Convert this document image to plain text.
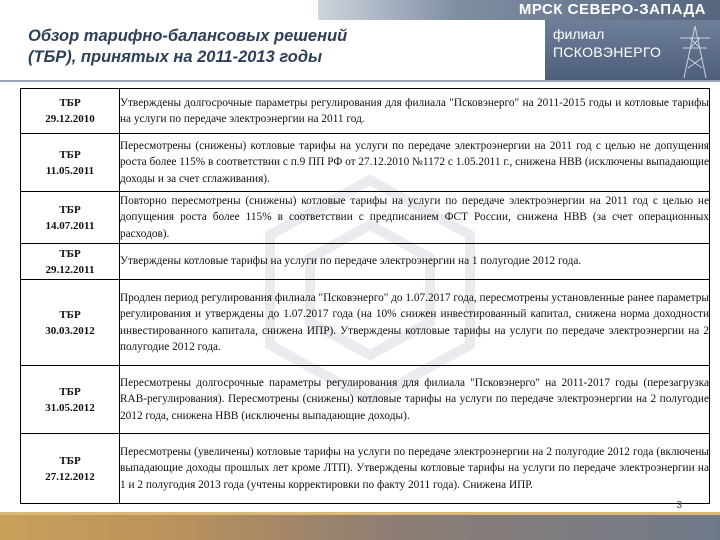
МРСК СЕВЕРО-ЗАПАДА
филиал
ПСКОВЭНЕРГО
Обзор тарифно-балансовых решений
(ТБР), принятых на 2011-2013 годы
ТБР
29.12.2010	Утверждены долгосрочные параметры регулирования для филиала "Псковэнерго" на 2011-2015 годы и котловые тарифы на услуги по передаче электроэнергии на 2011 год.
ТБР
11.05.2011	Пересмотрены (снижены) котловые тарифы на услуги по передаче электроэнергии на 2011 год с целью не допущения роста более 115% в соответствии с п.9 ПП РФ от 27.12.2010 №1172 с 1.05.2011 г., снижена НВВ (исключены выпадающие доходы и за счет сглаживания).
ТБР
14.07.2011	Повторно пересмотрены (снижены) котловые тарифы на услуги по передаче электроэнергии на 2011 год с целью не допущения роста более 115% в соответствии с предписанием ФСТ России, снижена НВВ (за счет операционных расходов).
ТБР
29.12.2011	Утверждены котловые тарифы на услуги по передаче электроэнергии на 1 полугодие 2012 года.
ТБР
30.03.2012	Продлен период регулирования филиала "Псковэнерго" до 1.07.2017 года, пересмотрены установленные ранее параметры регулирования и утверждены до 1.07.2017 года (на 10% снижен инвестированный капитал, снижена норма доходности инвестированного капитала, снижена ИПР). Утверждены котловые тарифы на услуги по передаче электроэнергии на 2 полугодие 2012 года.
ТБР
31.05.2012	Пересмотрены долгосрочные параметры регулирования для филиала "Псковэнерго" на 2011-2017 годы (перезагрузка RAB-регулирования). Пересмотрены (снижены) котловые тарифы на услуги по передаче электроэнергии на 2 полугодие 2012 года, снижена НВВ (исключены выпадающие доходы).
ТБР
27.12.2012	Пересмотрены (увеличены) котловые тарифы на услуги по передаче электроэнергии на 2 полугодие 2012 года (включены выпадающие доходы прошлых лет кроме ЛТП). Утверждены котловые тарифы на услуги по передаче электроэнергии на 1 и 2 полугодия 2013 года (учтены корректировки по факту 2011 года). Снижена ИПР.
3
